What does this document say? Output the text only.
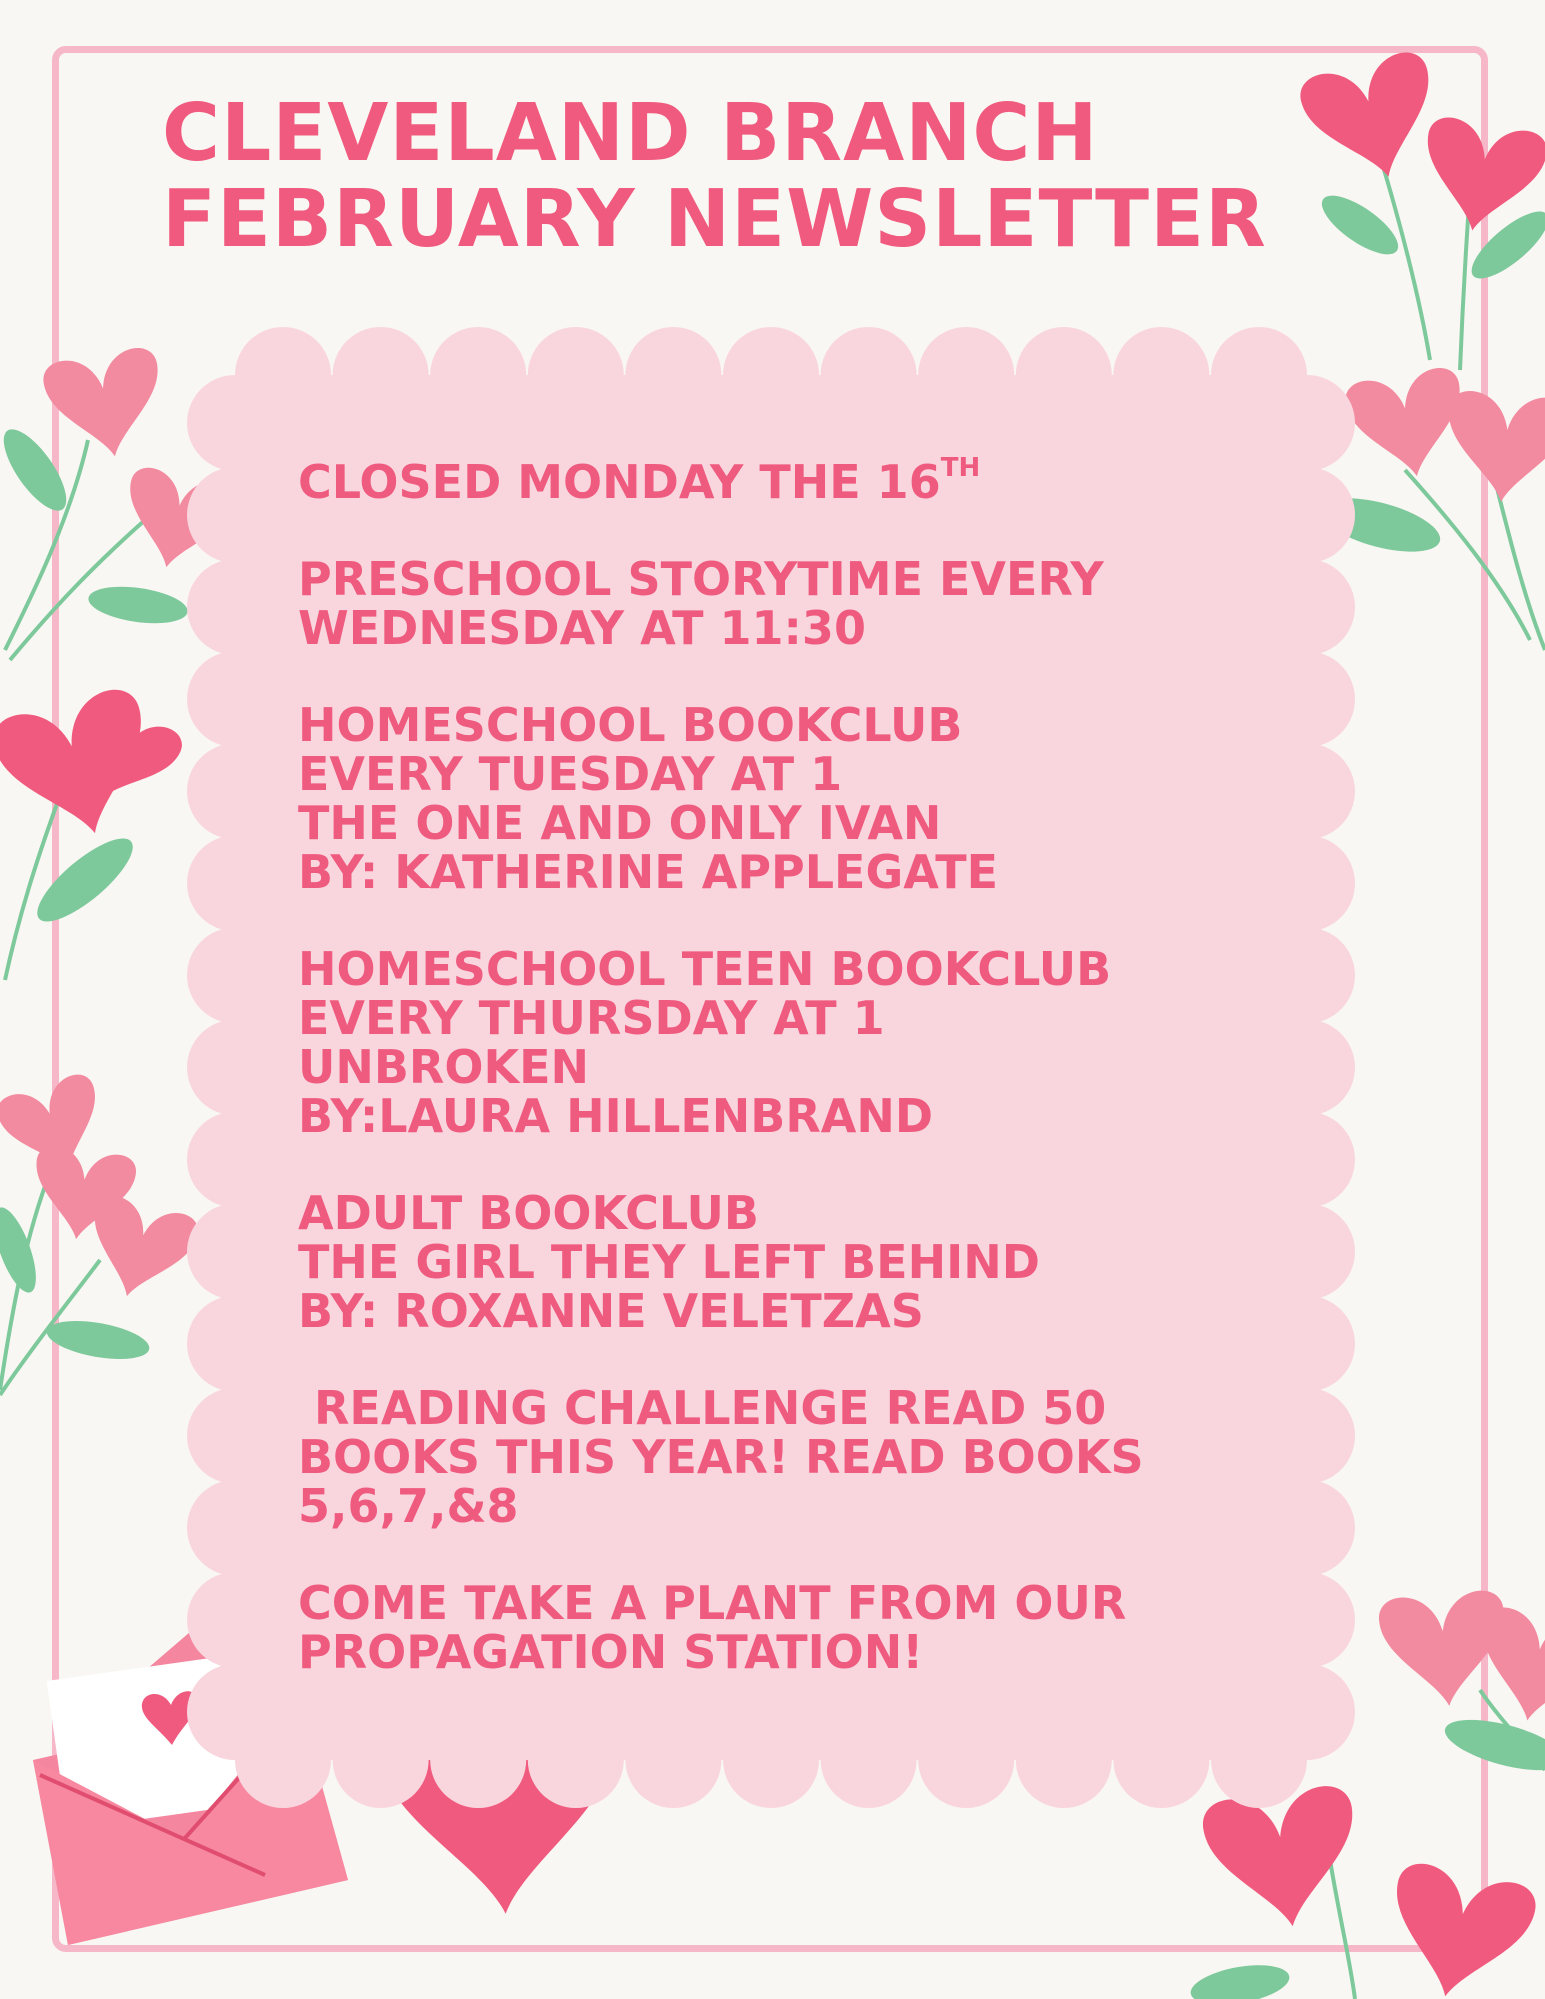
CLEVELAND BRANCH
FEBRUARY NEWSLETTER
CLOSED MONDAY THE 16TH
PRESCHOOL STORYTIME EVERY
WEDNESDAY AT 11:30
HOMESCHOOL BOOKCLUB
EVERY TUESDAY AT 1
THE ONE AND ONLY IVAN
BY: KATHERINE APPLEGATE
HOMESCHOOL TEEN BOOKCLUB
EVERY THURSDAY AT 1
UNBROKEN
BY:LAURA HILLENBRAND
ADULT BOOKCLUB
THE GIRL THEY LEFT BEHIND
BY: ROXANNE VELETZAS
READING CHALLENGE READ 50
BOOKS THIS YEAR! READ BOOKS
5,6,7,&8
COME TAKE A PLANT FROM OUR
PROPAGATION STATION!
